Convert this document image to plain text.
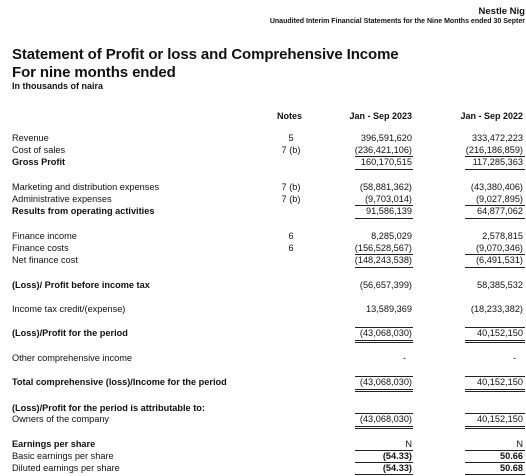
Nestle Nig
Unaudited Interim Financial Statements for the Nine Months ended 30 Septer
Statement of Profit or loss and Comprehensive Income
For nine months ended
In thousands of naira
Notes	Jan - Sep 2023	Jan - Sep 2022
Revenue	5	396,591,620	333,472,223
Cost of sales	7 (b)	(236,421,106)	(216,186,859)
Gross Profit	160,170,515	117,285,363
Marketing and distribution expenses	7 (b)	(58,881,362)	(43,380,406)
Administrative expenses	7 (b)	(9,703,014)	(9,027,895)
Results from operating activities	91,586,139	64,877,062
Finance income	6	8,285,029	2,578,815
Finance costs	6	(156,528,567)	(9,070,346)
Net finance cost	(148,243,538)	(6,491,531)
(Loss)/ Profit before income tax	(56,657,399)	58,385,532
Income tax credit/(expense)	13,589,369	(18,233,382)
(Loss)/Profit for the period	(43,068,030)	40,152,150
Other comprehensive income	-	-
Total comprehensive (loss)/Income for the period	(43,068,030)	40,152,150
(Loss)/Profit for the period is attributable to:
Owners of the company	(43,068,030)	40,152,150
Earnings per share	N	N
Basic earnings per share	(54.33)	50.66
Diluted earnings per share	(54.33)	50.68
